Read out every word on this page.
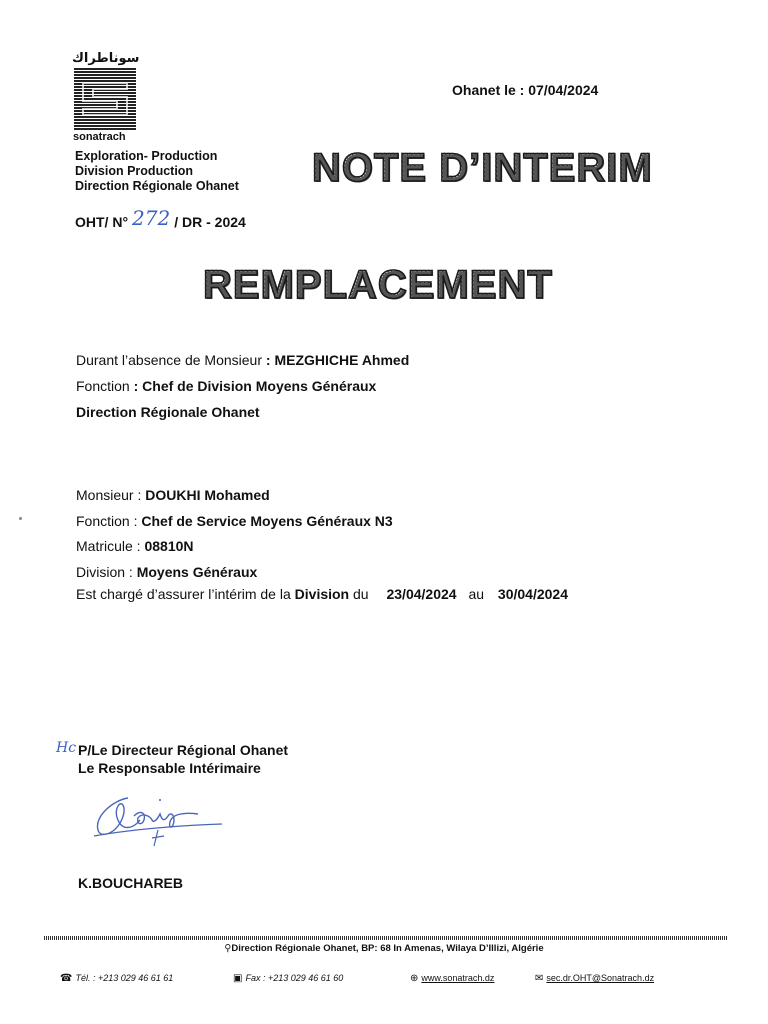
سوناطراك
sonatrach
Exploration- Production
Division Production
Direction Régionale Ohanet
OHT/ N° 272 / DR - 2024
Ohanet le : 07/04/2024
NOTE D’INTERIM
REMPLACEMENT
Durant l’absence de Monsieur : MEZGHICHE Ahmed
Fonction : Chef de Division Moyens Généraux
Direction Régionale Ohanet
Monsieur : DOUKHI Mohamed
Fonction : Chef de Service Moyens Généraux N3
Matricule : 08810N
Division : Moyens Généraux
Est chargé d’assurer l’intérim de la Division du 23/04/2024 au 30/04/2024
Hc P/Le Directeur Régional Ohanet
Le Responsable Intérimaire
K.BOUCHAREB
⚲Direction Régionale Ohanet, BP: 68 In Amenas, Wilaya D’Illizi, Algérie
☎ Tél. : +213 029 46 61 61	▣ Fax : +213 029 46 61 60	⊕ www.sonatrach.dz	✉ sec.dr.OHT@Sonatrach.dz
